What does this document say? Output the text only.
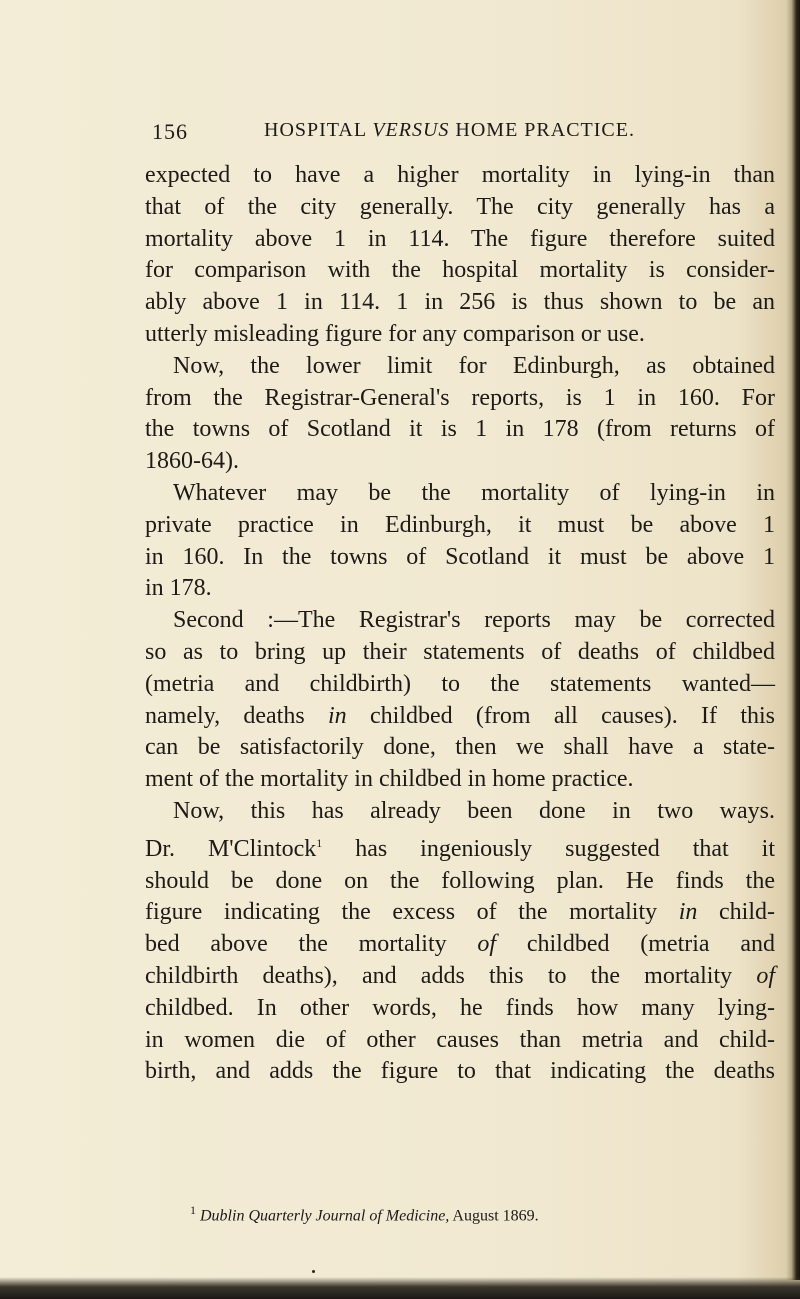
156	HOSPITAL VERSUS HOME PRACTICE.

expected to have a higher mortality in lying-in than

that of the city generally. The city generally has a

mortality above 1 in 114. The figure therefore suited

for comparison with the hospital mortality is consider-

ably above 1 in 114. 1 in 256 is thus shown to be an

utterly misleading figure for any comparison or use.

Now, the lower limit for Edinburgh, as obtained

from the Registrar-General's reports, is 1 in 160. For

the towns of Scotland it is 1 in 178 (from returns of

1860-64).

Whatever may be the mortality of lying-in in

private practice in Edinburgh, it must be above 1

in 160. In the towns of Scotland it must be above 1

in 178.

Second :—The Registrar's reports may be corrected

so as to bring up their statements of deaths of childbed

(metria and childbirth) to the statements wanted—

namely, deaths in childbed (from all causes). If this

can be satisfactorily done, then we shall have a state-

ment of the mortality in childbed in home practice.

Now, this has already been done in two ways.

Dr. M'Clintock$^1$ has ingeniously suggested that it

should be done on the following plan. He finds the

figure indicating the excess of the mortality in child-

bed above the mortality of childbed (metria and

childbirth deaths), and adds this to the mortality of

childbed. In other words, he finds how many lying-

in women die of other causes than metria and child-

birth, and adds the figure to that indicating the deaths

$^1$ Dublin Quarterly Journal of Medicine, August 1869.
